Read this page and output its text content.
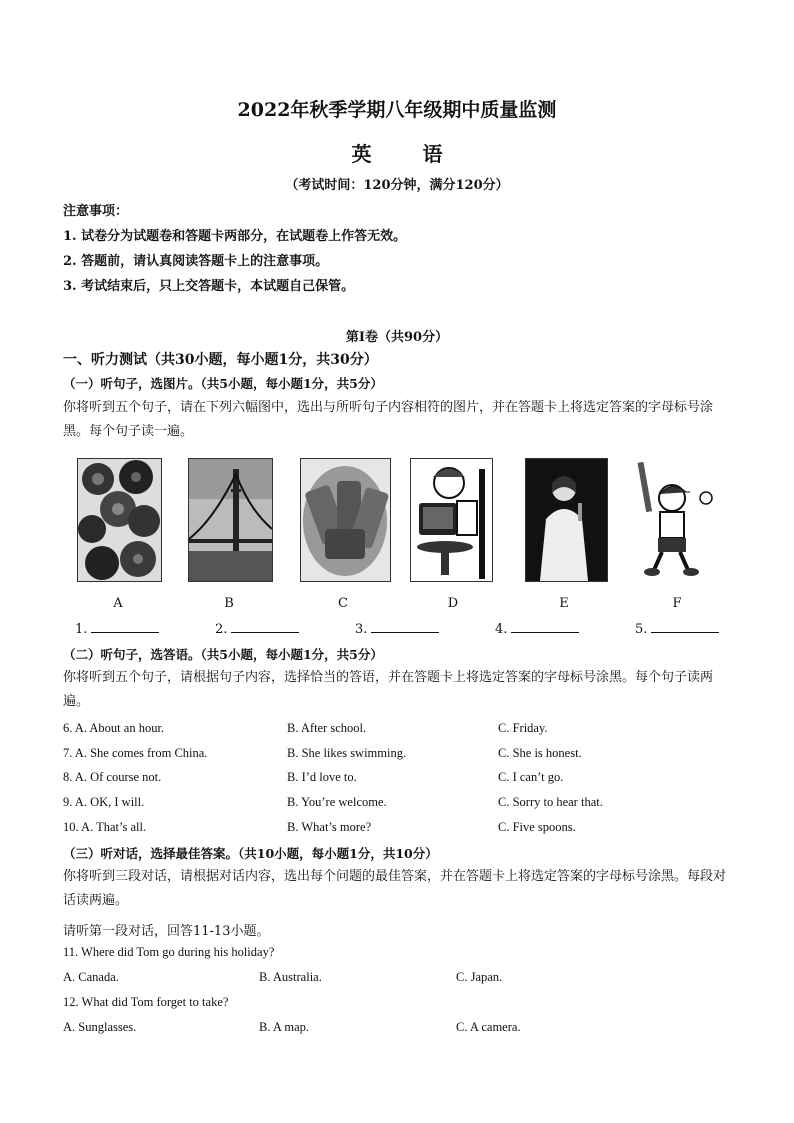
2022年秋季学期八年级期中质量监测
英 语
（考试时间：120分钟，满分120分）
注意事项：
1. 试卷分为试题卷和答题卡两部分，在试题卷上作答无效。
2. 答题前，请认真阅读答题卡上的注意事项。
3. 考试结束后，只上交答题卡，本试题自己保管。
第Ⅰ卷（共90分）
一、听力测试（共30小题，每小题1分，共30分）
（一）听句子，选图片。（共5小题，每小题1分，共5分）
你将听到五个句子，请在下列六幅图中，选出与所听句子内容相符的图片，并在答题卡上将选定答案的字母标号涂黑。每个句子读一遍。
A	B	C	D	E	F
1.	2.	3.	4.	5.
（二）听句子，选答语。（共5小题，每小题1分，共5分）
你将听到五个句子，请根据句子内容，选择恰当的答语，并在答题卡上将选定答案的字母标号涂黑。每个句子读两遍。
6. A. About an hour.	B. After school.	C. Friday.
7. A. She comes from China.	B. She likes swimming.	C. She is honest.
8. A. Of course not.	B. I’d love to.	C. I can’t go.
9. A. OK, I will.	B. You’re welcome.	C. Sorry to hear that.
10. A. That’s all.	B. What’s more?	C. Five spoons.
（三）听对话，选择最佳答案。（共10小题，每小题1分，共10分）
你将听到三段对话，请根据对话内容，选出每个问题的最佳答案，并在答题卡上将选定答案的字母标号涂黑。每段对话读两遍。
请听第一段对话，回答11-13小题。
11. Where did Tom go during his holiday?
A. Canada.	B. Australia.	C. Japan.
12. What did Tom forget to take?
A. Sunglasses.	B. A map.	C. A camera.
